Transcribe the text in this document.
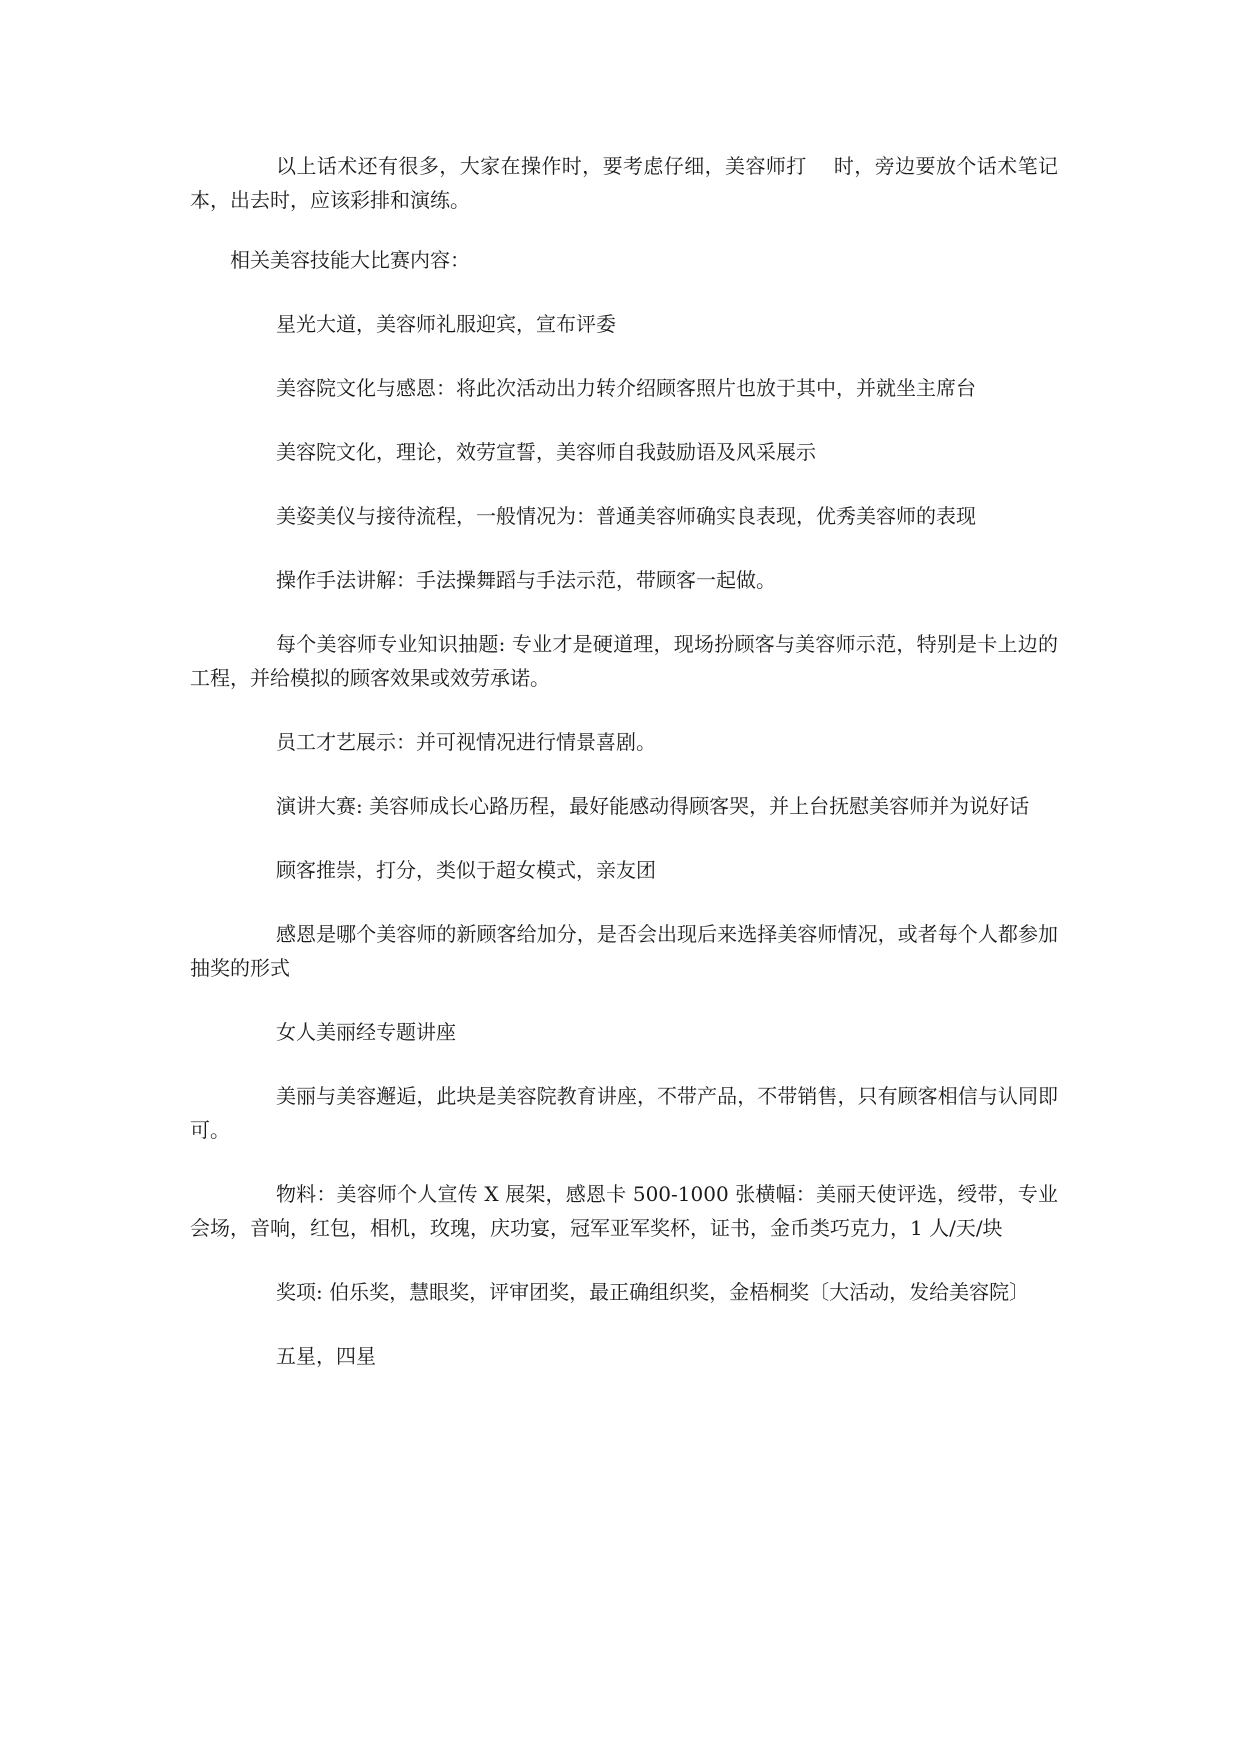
以上话术还有很多，大家在操作时，要考虑仔细，美容师打　 时，旁边要放个话术笔记本，出去时，应该彩排和演练。

相关美容技能大比赛内容：

星光大道，美容师礼服迎宾，宣布评委

美容院文化与感恩：将此次活动出力转介绍顾客照片也放于其中，并就坐主席台

美容院文化，理论，效劳宣誓，美容师自我鼓励语及风采展示

美姿美仪与接待流程，一般情况为：普通美容师确实良表现，优秀美容师的表现

操作手法讲解：手法操舞蹈与手法示范，带顾客一起做。

每个美容师专业知识抽题: 专业才是硬道理，现场扮顾客与美容师示范，特别是卡上边的工程，并给模拟的顾客效果或效劳承诺。

员工才艺展示：并可视情况进行情景喜剧。

演讲大赛: 美容师成长心路历程，最好能感动得顾客哭，并上台抚慰美容师并为说好话

顾客推崇，打分，类似于超女模式，亲友团

感恩是哪个美容师的新顾客给加分，是否会出现后来选择美容师情况，或者每个人都参加抽奖的形式

女人美丽经专题讲座

美丽与美容邂逅，此块是美容院教育讲座，不带产品，不带销售，只有顾客相信与认同即可。

物料：美容师个人宣传 X 展架，感恩卡 500-1000 张横幅：美丽天使评选，绶带，专业会场，音响，红包，相机，玫瑰，庆功宴，冠军亚军奖杯，证书，金币类巧克力，1 人/天/块

奖项: 伯乐奖，慧眼奖，评审团奖，最正确组织奖，金梧桐奖〔大活动，发给美容院〕

五星，四星
